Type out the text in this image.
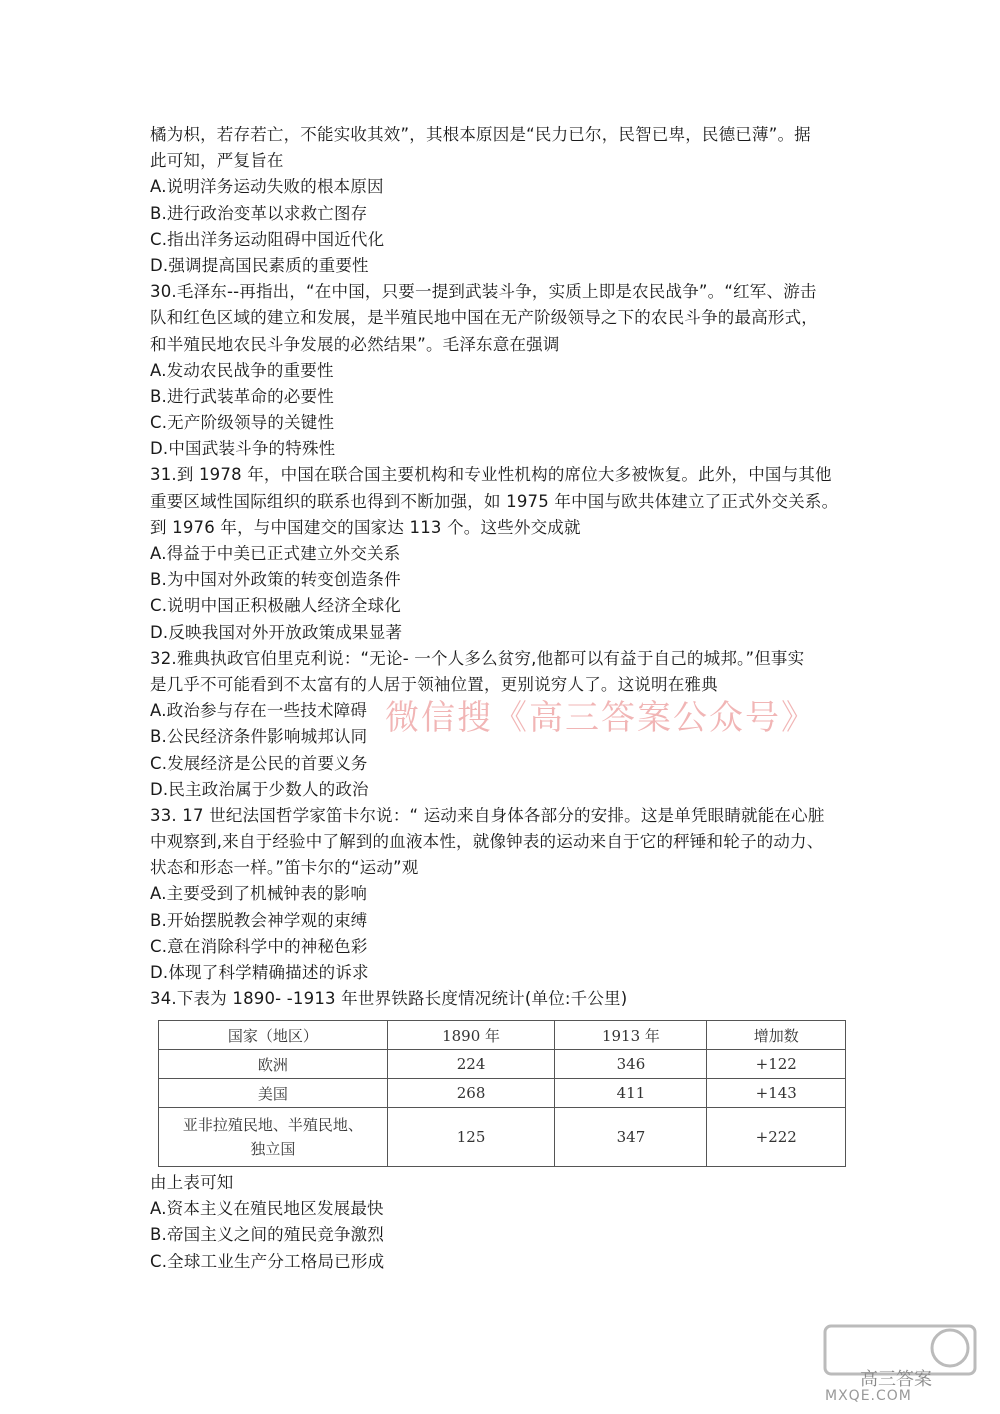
橘为枳，若存若亡，不能实收其效”，其根本原因是“民力已尔，民智已卑，民德已薄”。据
此可知，严复旨在
A.说明洋务运动失败的根本原因
B.进行政治变革以求救亡图存
C.指出洋务运动阻碍中国近代化
D.强调提高国民素质的重要性
30.毛泽东--再指出，“在中国，只要一提到武装斗争，实质上即是农民战争”。“红军、游击
队和红色区域的建立和发展，是半殖民地中国在无产阶级领导之下的农民斗争的最高形式，
和半殖民地农民斗争发展的必然结果”。毛泽东意在强调
A.发动农民战争的重要性
B.进行武装革命的必要性
C.无产阶级领导的关键性
D.中国武装斗争的特殊性
31.到 1978 年，中国在联合国主要机构和专业性机构的席位大多被恢复。此外，中国与其他
重要区域性国际组织的联系也得到不断加强，如 1975 年中国与欧共体建立了正式外交关系。
到 1976 年，与中国建交的国家达 113 个。这些外交成就
A.得益于中美已正式建立外交关系
B.为中国对外政策的转变创造条件
C.说明中国正积极融人经济全球化
D.反映我国对外开放政策成果显著
32.雅典执政官伯里克利说：“无论- 一个人多么贫穷,他都可以有益于自己的城邦。”但事实
是几乎不可能看到不太富有的人居于领袖位置，更别说穷人了。这说明在雅典
A.政治参与存在一些技术障碍
B.公民经济条件影响城邦认同
C.发展经济是公民的首要义务
D.民主政治属于少数人的政治
33. 17 世纪法国哲学家笛卡尔说：“ 运动来自身体各部分的安排。这是单凭眼睛就能在心脏
中观察到,来自于经验中了解到的血液本性，就像钟表的运动来自于它的秤锤和轮子的动力、
状态和形态一样。”笛卡尔的“运动”观
A.主要受到了机械钟表的影响
B.开始摆脱教会神学观的束缚
C.意在消除科学中的神秘色彩
D.体现了科学精确描述的诉求
34.下表为 1890- -1913 年世界铁路长度情况统计(单位:千公里)
国家（地区）	1890 年	1913 年	增加数
欧洲	224	346	+122
美国	268	411	+143
亚非拉殖民地、半殖民地、独立国	125	347	+222
由上表可知
A.资本主义在殖民地区发展最快
B.帝国主义之间的殖民竞争激烈
C.全球工业生产分工格局已形成
微信搜《高三答案公众号》
高三答案
MXQE.COM
